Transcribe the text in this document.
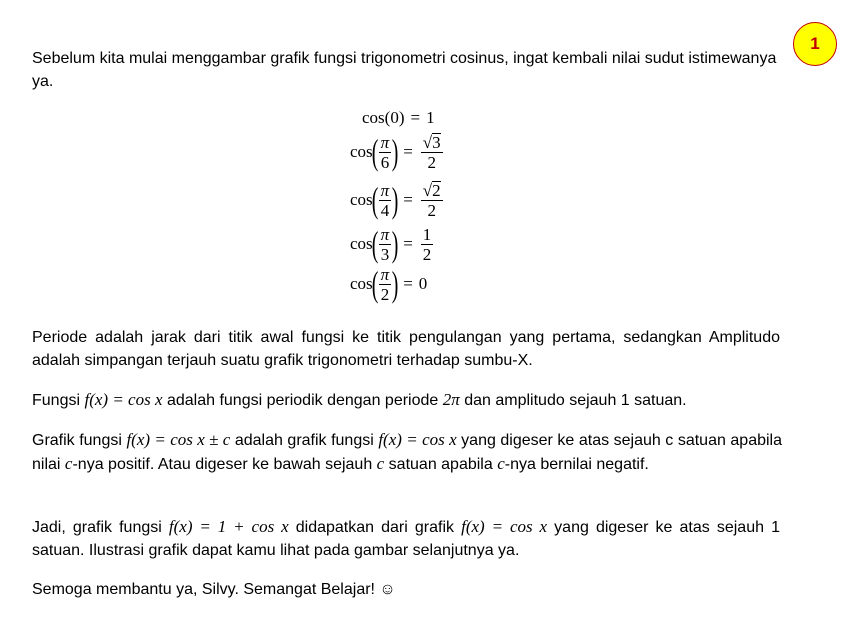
1

Sebelum kita mulai menggambar grafik fungsi trigonometri cosinus, ingat kembali nilai sudut istimewanya ya.

cos (0) = 1
cos
( $\frac{\pi}{6}$ ) = $\frac{√ 3}{2}$
cos
( $\frac{\pi}{4}$ ) = $\frac{√ 2}{2}$
cos
( $\frac{\pi}{3}$ ) = $\frac{1}{2}$
cos
( $\frac{\pi}{2}$ ) = 0

Periode adalah jarak dari titik awal fungsi ke titik pengulangan yang pertama, sedangkan Amplitudo adalah simpangan terjauh suatu grafik trigonometri terhadap sumbu-X.

Fungsi f(x) = cos x adalah fungsi periodik dengan periode 2π dan amplitudo sejauh 1 satuan.

Grafik fungsi f(x) = cos x ± c adalah grafik fungsi f(x) = cos x yang digeser ke atas sejauh c satuan apabila nilai c-nya positif. Atau digeser ke bawah sejauh c satuan apabila c-nya bernilai negatif.

Jadi, grafik fungsi f(x) = 1 + cos x didapatkan dari grafik f(x) = cos x yang digeser ke atas sejauh 1 satuan. Ilustrasi grafik dapat kamu lihat pada gambar selanjutnya ya.

Semoga membantu ya, Silvy. Semangat Belajar! ☺
